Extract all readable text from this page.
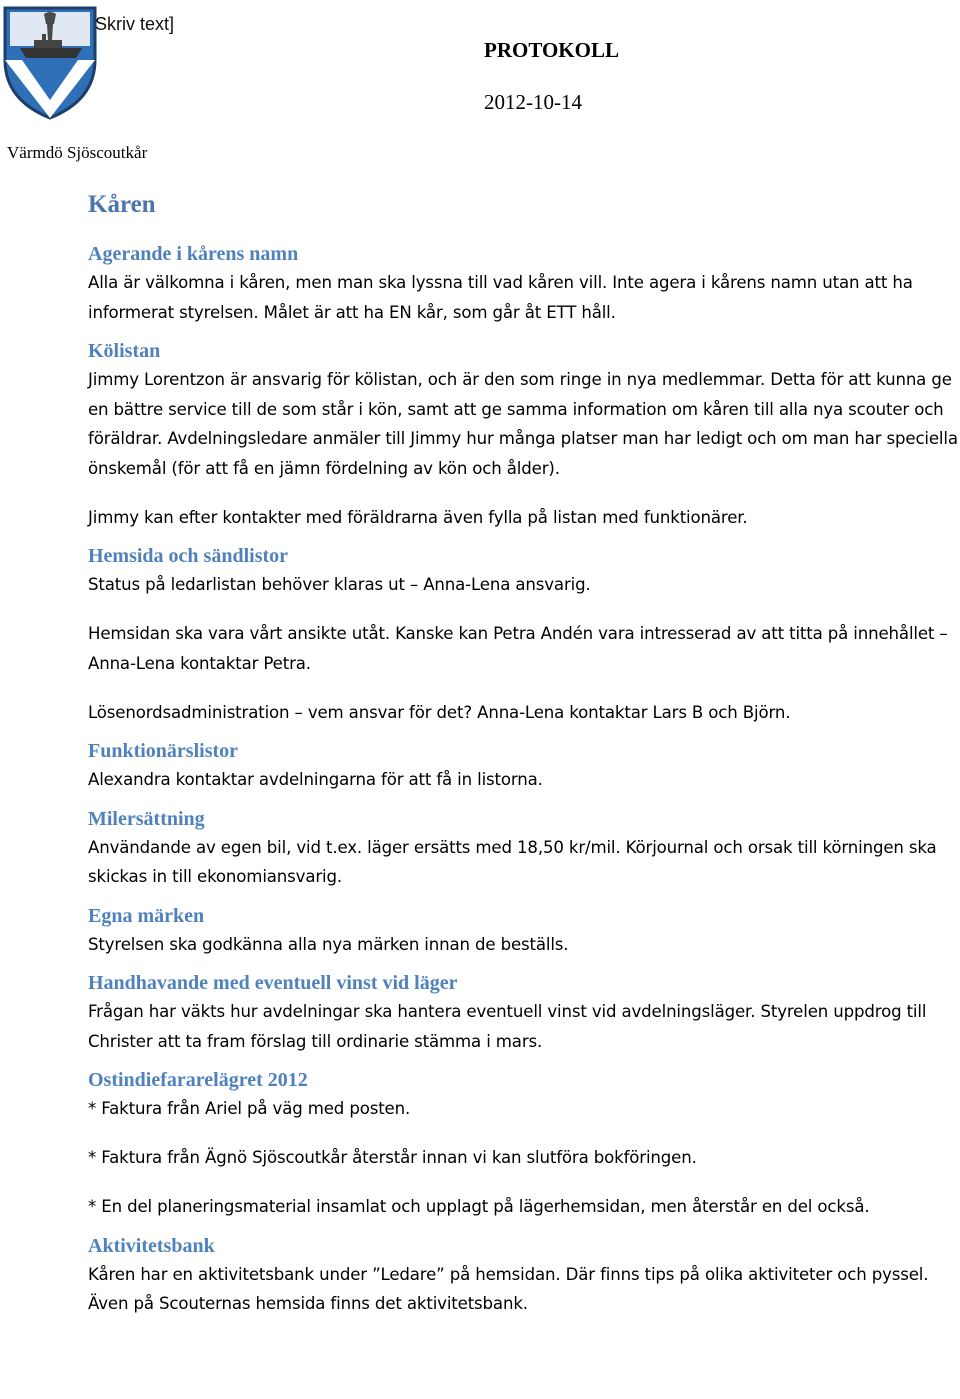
Skriv text]
PROTOKOLL
2012-10-14
Värmdö Sjöscoutkår
Kåren
Agerande i kårens namn

Alla är välkomna i kåren, men man ska lyssna till vad kåren vill. Inte agera i kårens namn utan att ha informerat styrelsen. Målet är att ha EN kår, som går åt ETT håll.

Kölistan

Jimmy Lorentzon är ansvarig för kölistan, och är den som ringe in nya medlemmar. Detta för att kunna ge en bättre service till de som står i kön, samt att ge samma information om kåren till alla nya scouter och föräldrar. Avdelningsledare anmäler till Jimmy hur många platser man har ledigt och om man har speciella önskemål (för att få en jämn fördelning av kön och ålder).

Jimmy kan efter kontakter med föräldrarna även fylla på listan med funktionärer.

Hemsida och sändlistor

Status på ledarlistan behöver klaras ut – Anna-Lena ansvarig.

Hemsidan ska vara vårt ansikte utåt. Kanske kan Petra Andén vara intresserad av att titta på innehållet – Anna-Lena kontaktar Petra.

Lösenordsadministration – vem ansvar för det? Anna-Lena kontaktar Lars B och Björn.

Funktionärslistor

Alexandra kontaktar avdelningarna för att få in listorna.

Milersättning

Användande av egen bil, vid t.ex. läger ersätts med 18,50 kr/mil. Körjournal och orsak till körningen ska skickas in till ekonomiansvarig.

Egna märken

Styrelsen ska godkänna alla nya märken innan de beställs.

Handhavande med eventuell vinst vid läger

Frågan har väkts hur avdelningar ska hantera eventuell vinst vid avdelningsläger. Styrelen uppdrog till Christer att ta fram förslag till ordinarie stämma i mars.

Ostindiefararelägret 2012

* Faktura från Ariel på väg med posten.

* Faktura från Ägnö Sjöscoutkår återstår innan vi kan slutföra bokföringen.

* En del planeringsmaterial insamlat och upplagt på lägerhemsidan, men återstår en del också.

Aktivitetsbank

Kåren har en aktivitetsbank under ”Ledare” på hemsidan. Där finns tips på olika aktiviteter och pyssel. Även på Scouternas hemsida finns det aktivitetsbank.
